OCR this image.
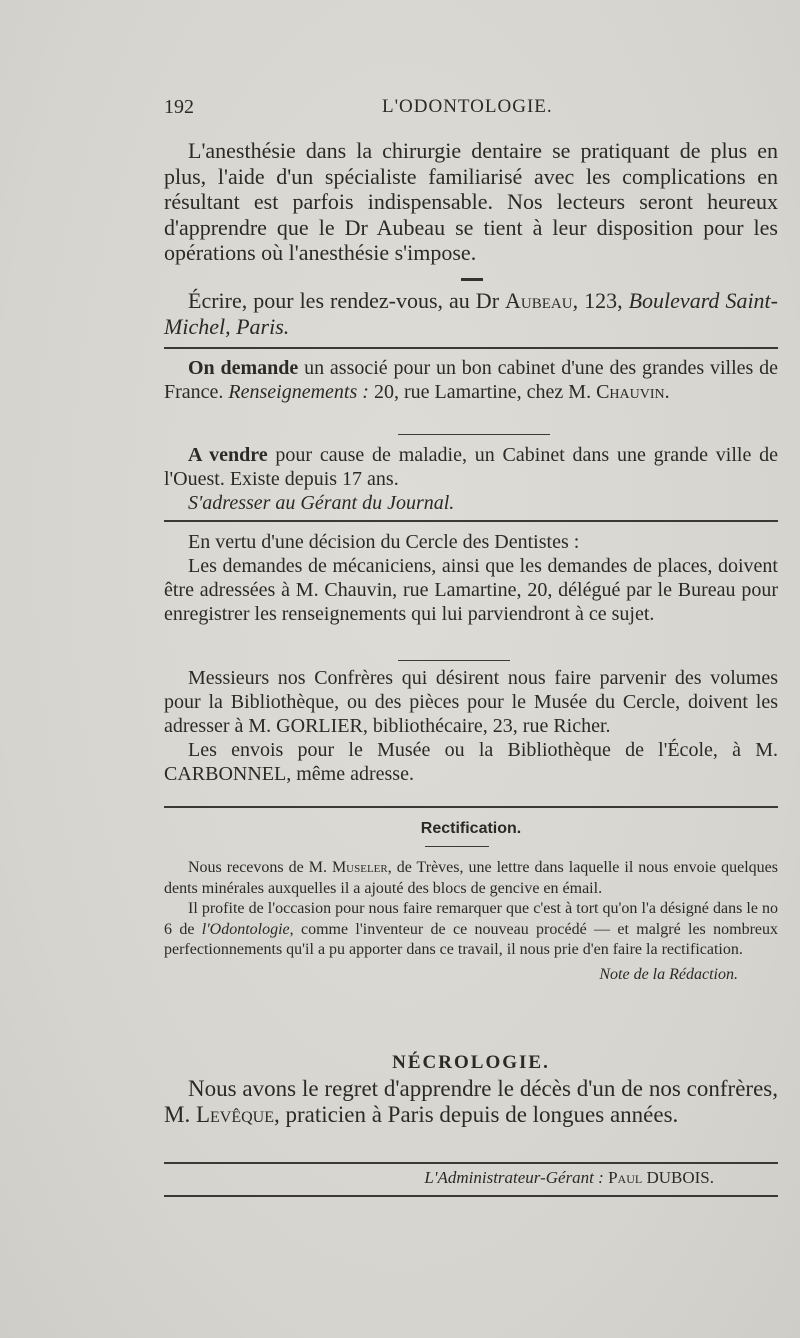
192	L'ODONTOLOGIE.

L'anesthésie dans la chirurgie dentaire se pratiquant de plus en plus, l'aide d'un spécialiste familiarisé avec les complications en résultant est parfois indispensable. Nos lecteurs seront heureux d'apprendre que le Dr Aubeau se tient à leur disposition pour les opérations où l'anesthésie s'impose.

Écrire, pour les rendez-vous, au Dr Aubeau, 123, Boulevard Saint-Michel, Paris.

On demande un associé pour un bon cabinet d'une des grandes villes de France. Renseignements : 20, rue Lamartine, chez M. Chauvin.

A vendre pour cause de maladie, un Cabinet dans une grande ville de l'Ouest. Existe depuis 17 ans.

S'adresser au Gérant du Journal.

En vertu d'une décision du Cercle des Dentistes :

Les demandes de mécaniciens, ainsi que les demandes de places, doivent être adressées à M. Chauvin, rue Lamartine, 20, délégué par le Bureau pour enregistrer les renseignements qui lui parviendront à ce sujet.

Messieurs nos Confrères qui désirent nous faire parvenir des volumes pour la Bibliothèque, ou des pièces pour le Musée du Cercle, doivent les adresser à M. GORLIER, bibliothécaire, 23, rue Richer.

Les envois pour le Musée ou la Bibliothèque de l'École, à M. CARBONNEL, même adresse.

Rectification.

Nous recevons de M. Museler, de Trèves, une lettre dans laquelle il nous envoie quelques dents minérales auxquelles il a ajouté des blocs de gencive en émail.

Il profite de l'occasion pour nous faire remarquer que c'est à tort qu'on l'a désigné dans le no 6 de l'Odontologie, comme l'inventeur de ce nouveau procédé — et malgré les nombreux perfectionnements qu'il a pu apporter dans ce travail, il nous prie d'en faire la rectification.

Note de la Rédaction.

NÉCROLOGIE.

Nous avons le regret d'apprendre le décès d'un de nos confrères, M. Levêque, praticien à Paris depuis de longues années.

L'Administrateur-Gérant : Paul DUBOIS.
